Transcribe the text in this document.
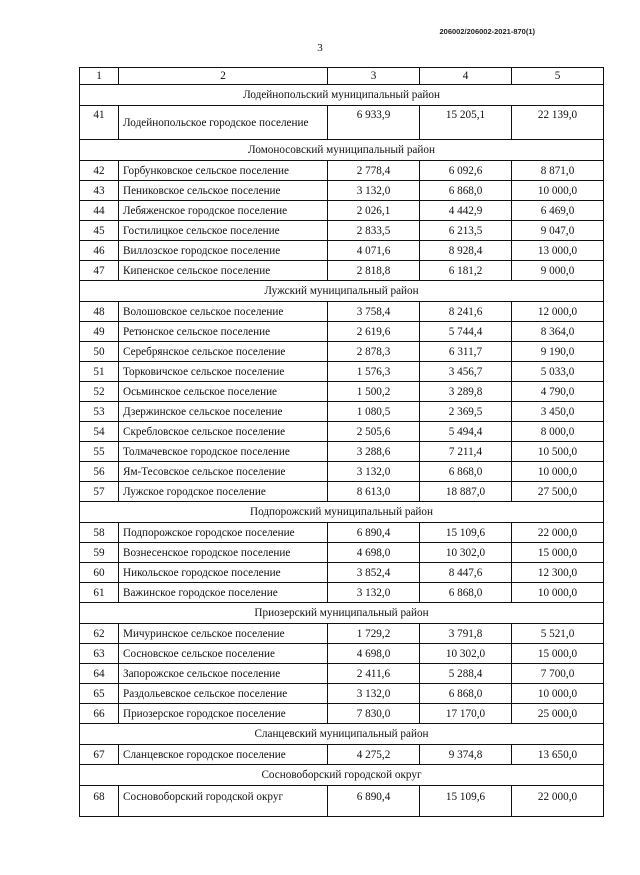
206002/206002-2021-870(1)
3
1	2	3	4	5
Лодейнопольский муниципальный район				
41	Лодейнопольское городское поселение	6 933,9	15 205,1	22 139,0
Ломоносовский муниципальный район				
42	Горбунковское сельское поселение	2 778,4	6 092,6	8 871,0
43	Пениковское сельское поселение	3 132,0	6 868,0	10 000,0
44	Лебяженское городское поселение	2 026,1	4 442,9	6 469,0
45	Гостилицкое сельское поселение	2 833,5	6 213,5	9 047,0
46	Виллозское городское поселение	4 071,6	8 928,4	13 000,0
47	Кипенское сельское поселение	2 818,8	6 181,2	9 000,0
Лужский муниципальный район				
48	Волошовское сельское поселение	3 758,4	8 241,6	12 000,0
49	Ретюнское сельское поселение	2 619,6	5 744,4	8 364,0
50	Серебрянское сельское поселение	2 878,3	6 311,7	9 190,0
51	Торковичское сельское поселение	1 576,3	3 456,7	5 033,0
52	Осьминское сельское поселение	1 500,2	3 289,8	4 790,0
53	Дзержинское сельское поселение	1 080,5	2 369,5	3 450,0
54	Скребловское сельское поселение	2 505,6	5 494,4	8 000,0
55	Толмачевское городское поселение	3 288,6	7 211,4	10 500,0
56	Ям-Тесовское сельское поселение	3 132,0	6 868,0	10 000,0
57	Лужское городское поселение	8 613,0	18 887,0	27 500,0
Подпорожский муниципальный район				
58	Подпорожское городское поселение	6 890,4	15 109,6	22 000,0
59	Вознесенское городское поселение	4 698,0	10 302,0	15 000,0
60	Никольское городское поселение	3 852,4	8 447,6	12 300,0
61	Важинское городское поселение	3 132,0	6 868,0	10 000,0
Приозерский муниципальный район				
62	Мичуринское сельское поселение	1 729,2	3 791,8	5 521,0
63	Сосновское сельское поселение	4 698,0	10 302,0	15 000,0
64	Запорожское сельское поселение	2 411,6	5 288,4	7 700,0
65	Раздольевское сельское поселение	3 132,0	6 868,0	10 000,0
66	Приозерское городское поселение	7 830,0	17 170,0	25 000,0
Сланцевский муниципальный район				
67	Сланцевское городское поселение	4 275,2	9 374,8	13 650,0
Сосновоборский городской округ				
68	Сосновоборский городской округ	6 890,4	15 109,6	22 000,0
